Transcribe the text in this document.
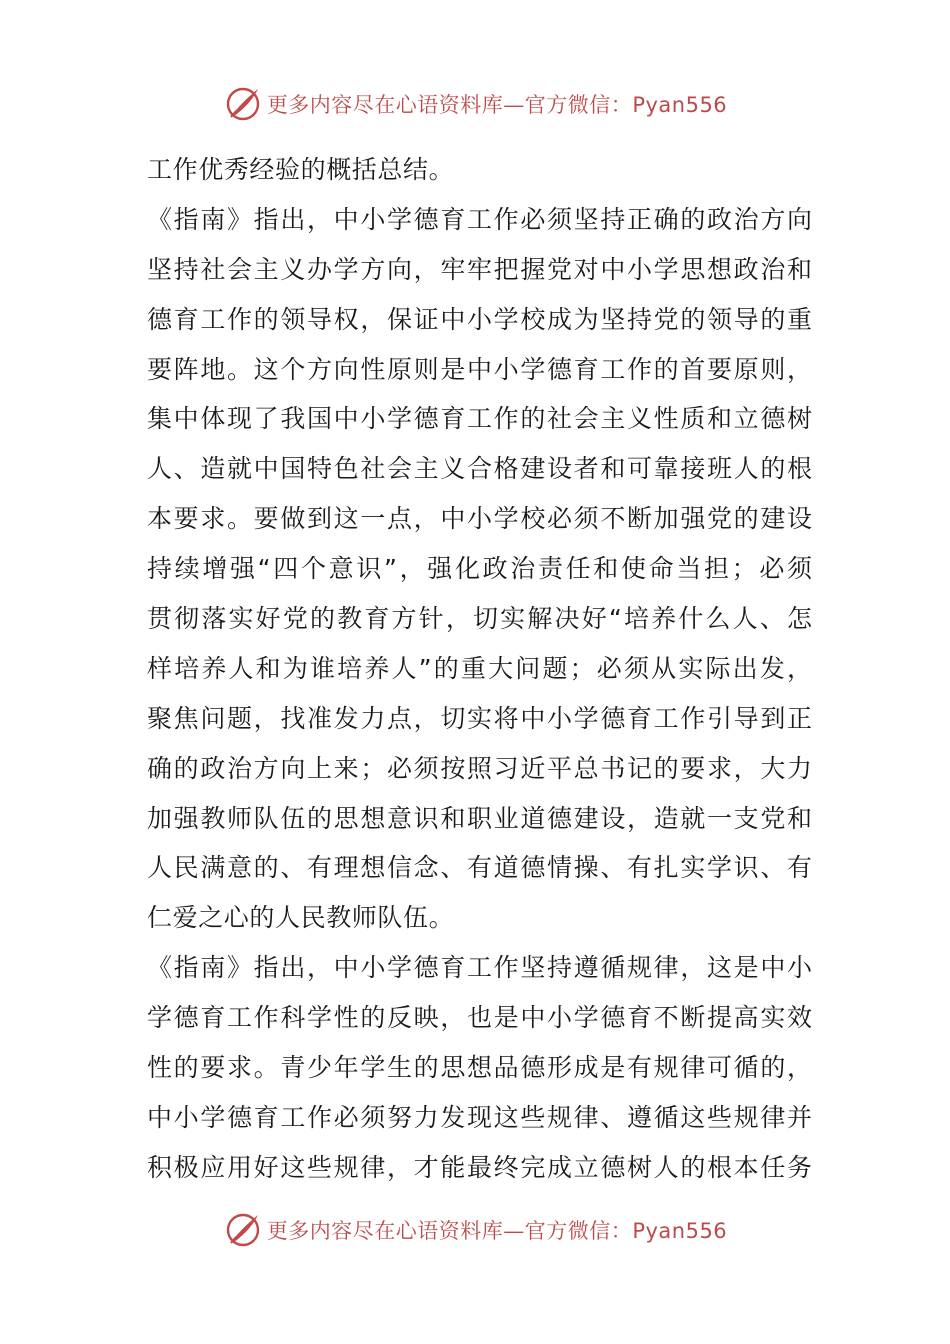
更多内容尽在心语资料库—官方微信：Pyan556
工作优秀经验的概括总结。
《指南》指出，中小学德育工作必须坚持正确的政治方向
坚持社会主义办学方向，牢牢把握党对中小学思想政治和
德育工作的领导权，保证中小学校成为坚持党的领导的重
要阵地。这个方向性原则是中小学德育工作的首要原则，
集中体现了我国中小学德育工作的社会主义性质和立德树
人、造就中国特色社会主义合格建设者和可靠接班人的根
本要求。要做到这一点，中小学校必须不断加强党的建设
持续增强“四个意识”，强化政治责任和使命当担；必须
贯彻落实好党的教育方针，切实解决好“培养什么人、怎
样培养人和为谁培养人”的重大问题；必须从实际出发，
聚焦问题，找准发力点，切实将中小学德育工作引导到正
确的政治方向上来；必须按照习近平总书记的要求，大力
加强教师队伍的思想意识和职业道德建设，造就一支党和
人民满意的、有理想信念、有道德情操、有扎实学识、有
仁爱之心的人民教师队伍。
《指南》指出，中小学德育工作坚持遵循规律，这是中小
学德育工作科学性的反映，也是中小学德育不断提高实效
性的要求。青少年学生的思想品德形成是有规律可循的，
中小学德育工作必须努力发现这些规律、遵循这些规律并
积极应用好这些规律，才能最终完成立德树人的根本任务
更多内容尽在心语资料库—官方微信：Pyan556
